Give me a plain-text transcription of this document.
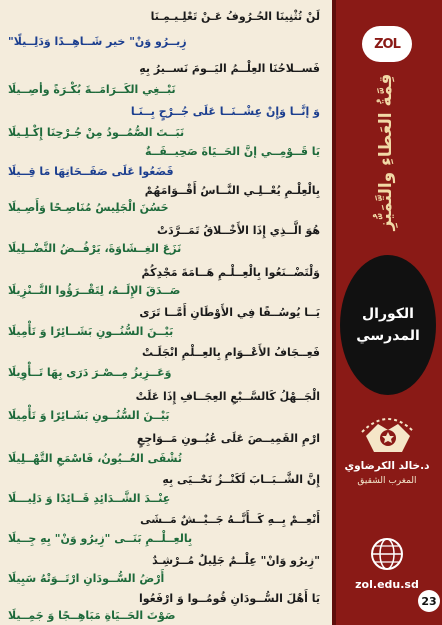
لَنْ تُثْنِينَا الحُـرُوفُ عَـنْ تَعْلِـيـمِـنَا
زِيــرُو وَنْ" خير شَــاهِــدًا وَدَلِــيلًا"
فَســلاحُنَا العِلْــمُ اليَــومَ نَســيرُ بِهِ
نَبْــغِي الكَــرَامَــةَ بُكْـرَةً وأصِــيلَا
وَ إنَّــا وَإِنْ عِشْــنَــا عَلَى جُــرْحٍ بِــنَـا
نَبَــتَ الصُّمُــودُ مِنْ جُـرْحِنَا إِكْـلِـيلَا
يَا قَــوْمِــي إنَّ الحَــيَاةَ صَحِيــفَــةٌ
فَضَعُوا عَلَى صَفَــحَاتِهَا مَا قِــيلَا
بِالْعِلْـمِ يُعْــلِـي النَّــاسُ أَقْــوَامَهُمْ
حَسُنَ الْجَلِيسُ مُنَاصِـحًا وَأَصِـيلَا
هُوَ الَّــذِي إِذَا الأَخْــلاقُ تَمَــرَّدَتْ
نَزَعَ الغِــشَاوَةَ، يَرْفُــضُ التَّضْــلِيلَا
وَلْتَضْــنَعُوا بِالْعِــلْـمِ هَــامَةَ مَجْدِكُمْ
صَــدَقَ الإِلَــهُ، لِتَقْــرَؤُوا التَّــنْزِيلَا
يَــا يُوسُــفًا فِي الأَوْطَانِ أَمَّــا تَرَى
بَيْــنَ السُّنُــونِ بَشَــائِرًا وَ تَأْمِيلَا
فَعِــجَافُ الأَعْــوَامِ بِالعِــلْمِ انْجَلَـتْ
وَعَــزِيزُ مِــصْـرَ دَرَى بِهَا تَــأْوِيلَا
الْجَــهْلُ كَالسَّــبْعِ العِجَــافِ إِذَا عَلَتْ
بَيْــنَ السُّنُــونِ بَشَـائِرًا وَ تَأْمِيلَا
ارْمِ القَمِيــصَ عَلَى عُيُــونِ مَــوَاجِعٍ
تُشْفَى العُــيُونُ، فَاسْمَعِ التَّهْــلِيلَا
إِنَّ الشَّــبَــابَ لَكَنْــزُ نَحْــيَى بِهِ
عِنْــدَ الشَّــدَائِدِ قَــائِدًا وَ دَلِيـــلَا
أَنْعِــمْ بِــهِ كَــأَنَّــهُ جَــيْــشٌ مَــشَى
بِالعِــلْــمِ بَنَــى "زِيرُو وَنْ" بِهِ جِــيلَا
"زِيرُو وَانْ" عِلْــمٌ جَلِيلٌ مُــرْشِـدٌ
أَرْضُ السُّــودَانِ ارْتَــوَتْهُ سَبِيلَا
يَا أَهْلَ السُّــودَانِ قُومُــوا وَ ارْفَعُوا
صَوْتَ الحَــيَاةِ مَبَاهِــجًا وَ جَمِــيلَا
ZOL
قِمَّةُ العَطاءِ والتَّمَيُّزِ
الكورال
المدرسي
د.خالد الكرضاوي
المغرب الشقيق
zol.edu.sd
23
